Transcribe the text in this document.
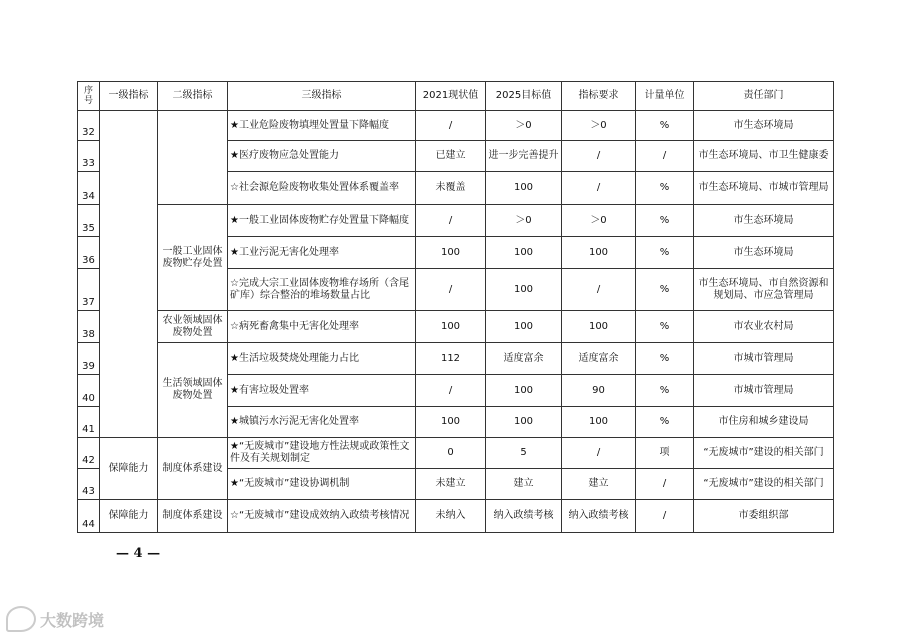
序号	一级指标	二级指标	三级指标	2021现状值	2025目标值	指标要求	计量单位	责任部门
32			★工业危险废物填埋处置量下降幅度	/	＞0	＞0	%	市生态环境局
33			★医疗废物应急处置能力	已建立	进一步完善提升	/	/	市生态环境局、市卫生健康委
34			☆社会源危险废物收集处置体系覆盖率	未覆盖	100	/	%	市生态环境局、市城市管理局
35		一般工业固体废物贮存处置	★一般工业固体废物贮存处置量下降幅度	/	＞0	＞0	%	市生态环境局
36			★工业污泥无害化处理率	100	100	100	%	市生态环境局
37			☆完成大宗工业固体废物堆存场所（含尾矿库）综合整治的堆场数量占比	/	100	/	%	市生态环境局、市自然资源和规划局、市应急管理局
38		农业领域固体废物处置	☆病死畜禽集中无害化处理率	100	100	100	%	市农业农村局
39		生活领域固体废物处置	★生活垃圾焚烧处理能力占比	112	适度富余	适度富余	%	市城市管理局
40			★有害垃圾处置率	/	100	90	%	市城市管理局
41			★城镇污水污泥无害化处置率	100	100	100	%	市住房和城乡建设局
42	保障能力	制度体系建设	★“无废城市”建设地方性法规或政策性文件及有关规划制定	0	5	/	项	“无废城市”建设的相关部门
43			★“无废城市”建设协调机制	未建立	建立	建立	/	“无废城市”建设的相关部门
44	保障能力	制度体系建设	☆“无废城市”建设成效纳入政绩考核情况	未纳入	纳入政绩考核	纳入政绩考核	/	市委组织部
— 4 —
大数跨境
